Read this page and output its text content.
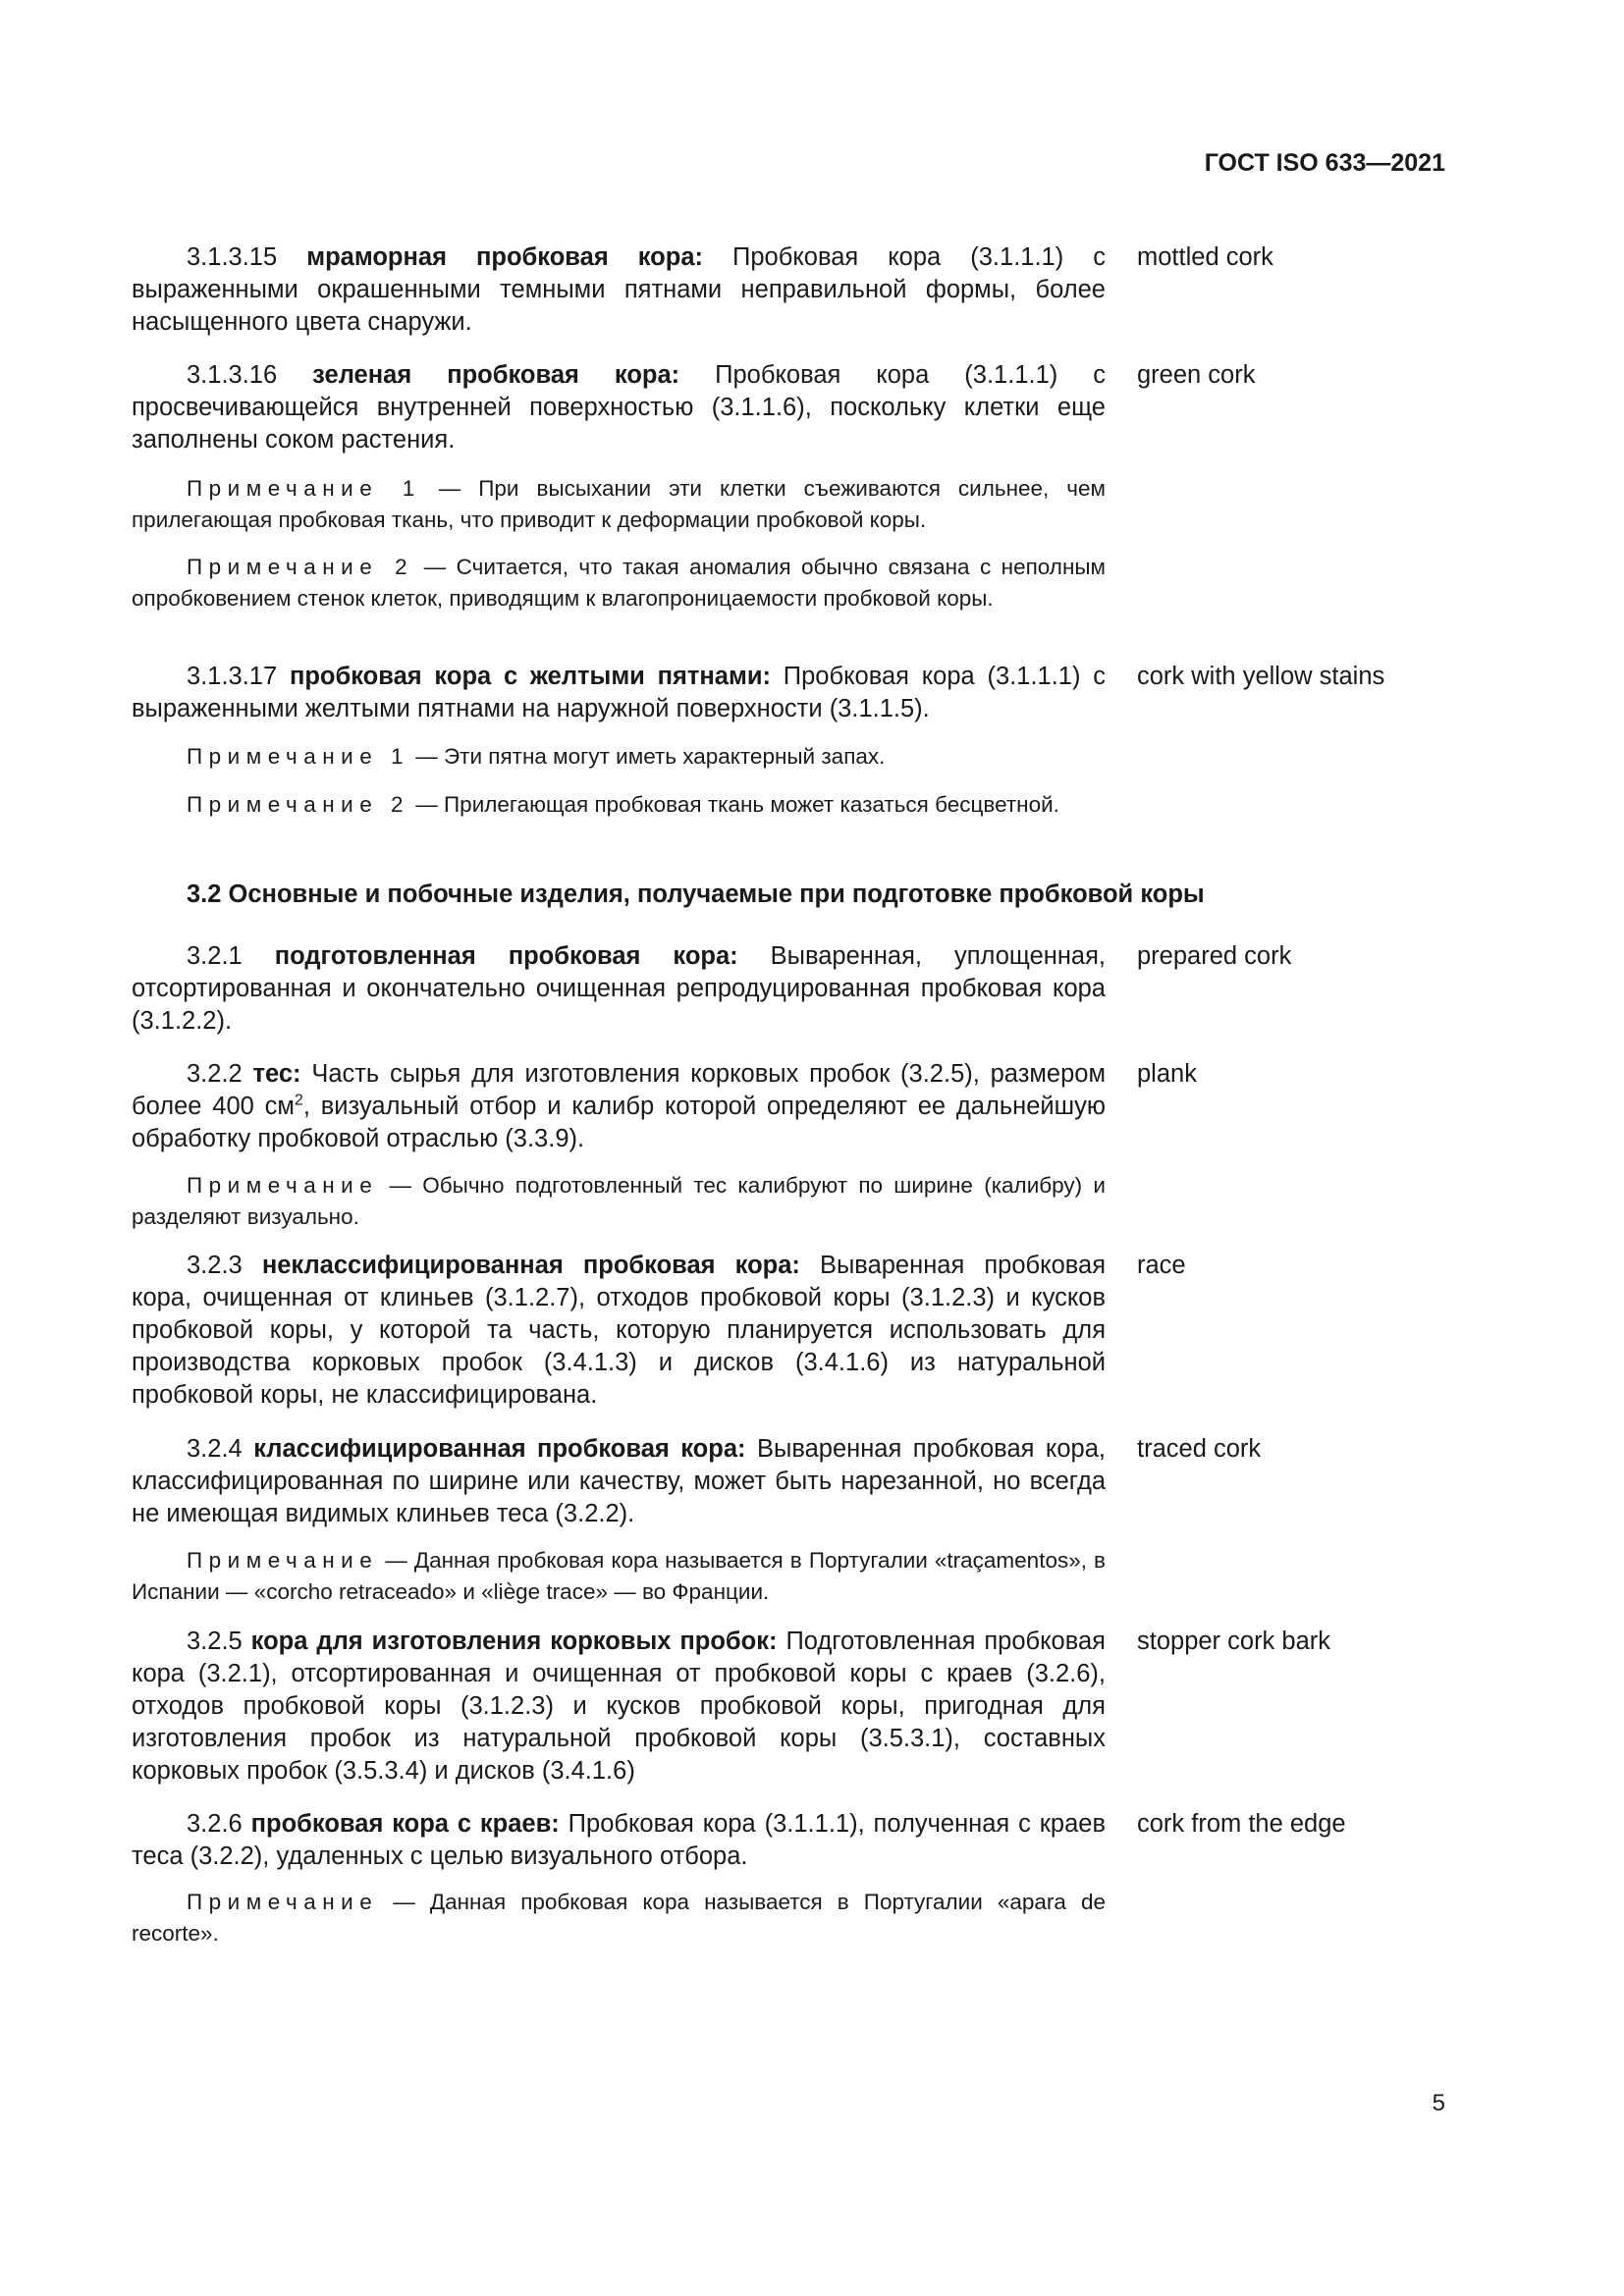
ГОСТ ISO 633—2021
3.1.3.15 мраморная пробковая кора: Пробковая кора (3.1.1.1) с выраженными окрашенными темными пятнами неправильной формы, более насыщенного цвета снаружи.
mottled cork
3.1.3.16 зеленая пробковая кора: Пробковая кора (3.1.1.1) с просвечивающейся внутренней поверхностью (3.1.1.6), поскольку клетки еще заполнены соком растения.
green cork
Примечание 1 — При высыхании эти клетки съеживаются сильнее, чем прилегающая пробковая ткань, что приводит к деформации пробковой коры.
Примечание 2 — Считается, что такая аномалия обычно связана с неполным опробковением стенок клеток, приводящим к влагопроницаемости пробковой коры.
3.1.3.17 пробковая кора с желтыми пятнами: Пробковая кора (3.1.1.1) с выраженными желтыми пятнами на наружной поверхности (3.1.1.5).
cork with yellow stains
Примечание 1 — Эти пятна могут иметь характерный запах.
Примечание 2 — Прилегающая пробковая ткань может казаться бесцветной.
3.2 Основные и побочные изделия, получаемые при подготовке пробковой коры
3.2.1 подготовленная пробковая кора: Вываренная, уплощенная, отсортированная и окончательно очищенная репродуцированная пробковая кора (3.1.2.2).
prepared cork
3.2.2 тес: Часть сырья для изготовления корковых пробок (3.2.5), размером более 400 $см^2$, визуальный отбор и калибр которой определяют ее дальнейшую обработку пробковой отраслью (3.3.9).
plank
Примечание — Обычно подготовленный тес калибруют по ширине (калибру) и разделяют визуально.
3.2.3 неклассифицированная пробковая кора: Вываренная пробковая кора, очищенная от клиньев (3.1.2.7), отходов пробковой коры (3.1.2.3) и кусков пробковой коры, у которой та часть, которую планируется использовать для производства корковых пробок (3.4.1.3) и дисков (3.4.1.6) из натуральной пробковой коры, не классифицирована.
race
3.2.4 классифицированная пробковая кора: Вываренная пробковая кора, классифицированная по ширине или качеству, может быть нарезанной, но всегда не имеющая видимых клиньев теса (3.2.2).
traced cork
Примечание — Данная пробковая кора называется в Португалии «traçamentos», в Испании — «corcho retraceado» и «liège trace» — во Франции.
3.2.5 кора для изготовления корковых пробок: Подготовленная пробковая кора (3.2.1), отсортированная и очищенная от пробковой коры с краев (3.2.6), отходов пробковой коры (3.1.2.3) и кусков пробковой коры, пригодная для изготовления пробок из натуральной пробковой коры (3.5.3.1), составных корковых пробок (3.5.3.4) и дисков (3.4.1.6)
stopper cork bark
3.2.6 пробковая кора с краев: Пробковая кора (3.1.1.1), полученная с краев теса (3.2.2), удаленных с целью визуального отбора.
cork from the edge
Примечание — Данная пробковая кора называется в Португалии «apara de recorte».
5
